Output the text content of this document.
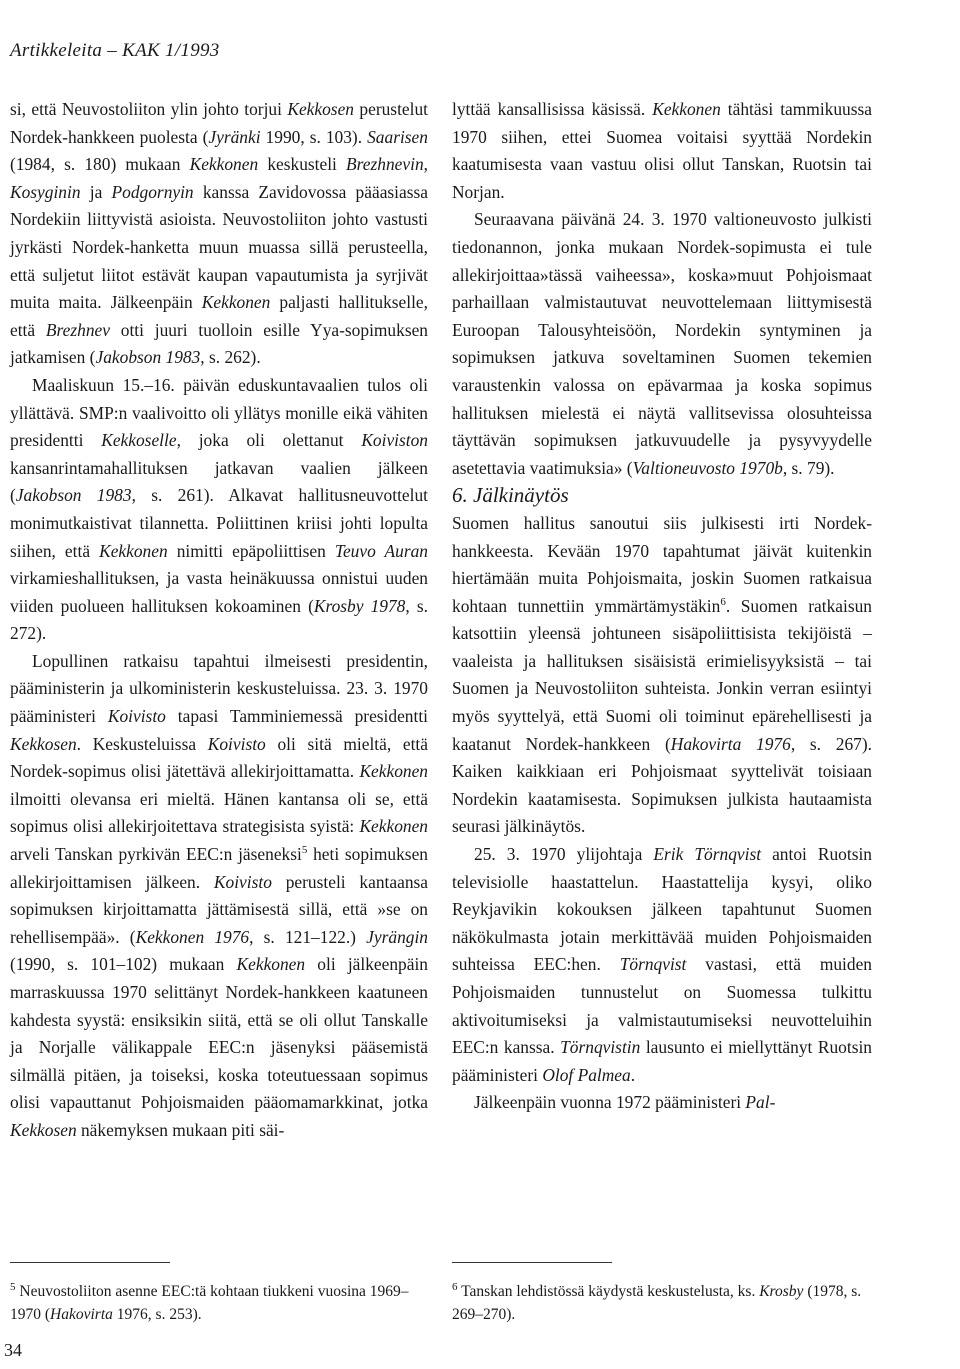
Artikkeleita – KAK 1/1993

si, että Neuvostoliiton ylin johto torjui Kekkosen perustelut Nordek-hankkeen puolesta (Jyränki 1990, s. 103). Saarisen (1984, s. 180) mukaan Kekkonen keskusteli Brezhnevin, Kosyginin ja Podgornyin kanssa Zavidovossa pääasiassa Nordekiin liittyvistä asioista. Neuvostoliiton johto vastusti jyrkästi Nordek-hanketta muun muassa sillä perusteella, että suljetut liitot estävät kaupan vapautumista ja syrjivät muita maita. Jälkeenpäin Kekkonen paljasti hallitukselle, että Brezhnev otti juuri tuolloin esille Yya-sopimuksen jatkamisen (Jakobson 1983, s. 262).

Maaliskuun 15.–16. päivän eduskuntavaalien tulos oli yllättävä. SMP:n vaalivoitto oli yllätys monille eikä vähiten presidentti Kekkoselle, joka oli olettanut Koiviston kansanrintamahallituksen jatkavan vaalien jälkeen (Jakobson 1983, s. 261). Alkavat hallitusneuvottelut monimutkaistivat tilannetta. Poliittinen kriisi johti lopulta siihen, että Kekkonen nimitti epäpoliittisen Teuvo Auran virkamieshallituksen, ja vasta heinäkuussa onnistui uuden viiden puolueen hallituksen kokoaminen (Krosby 1978, s. 272).

Lopullinen ratkaisu tapahtui ilmeisesti presidentin, pääministerin ja ulkoministerin keskusteluissa. 23. 3. 1970 pääministeri Koivisto tapasi Tamminiemessä presidentti Kekkosen. Keskusteluissa Koivisto oli sitä mieltä, että Nordek-sopimus olisi jätettävä allekirjoittamatta. Kekkonen ilmoitti olevansa eri mieltä. Hänen kantansa oli se, että sopimus olisi allekirjoitettava strategisista syistä: Kekkonen arveli Tanskan pyrkivän EEC:n jäseneksi$^5$ heti sopimuksen allekirjoittamisen jälkeen. Koivisto perusteli kantaansa sopimuksen kirjoittamatta jättämisestä sillä, että »se on rehellisempää». (Kekkonen 1976, s. 121–122.) Jyrängin (1990, s. 101–102) mukaan Kekkonen oli jälkeenpäin marraskuussa 1970 selittänyt Nordek-hankkeen kaatuneen kahdesta syystä: ensiksikin siitä, että se oli ollut Tanskalle ja Norjalle välikappale EEC:n jäsenyksi pääsemistä silmällä pitäen, ja toiseksi, koska toteutuessaan sopimus olisi vapauttanut Pohjoismaiden pääomamarkkinat, jotka Kekkosen näkemyksen mukaan piti säi-

lyttää kansallisissa käsissä. Kekkonen tähtäsi tammikuussa 1970 siihen, ettei Suomea voitaisi syyttää Nordekin kaatumisesta vaan vastuu olisi ollut Tanskan, Ruotsin tai Norjan.

Seuraavana päivänä 24. 3. 1970 valtioneuvosto julkisti tiedonannon, jonka mukaan Nordek-sopimusta ei tule allekirjoittaa»tässä vaiheessa», koska»muut Pohjoismaat parhaillaan valmistautuvat neuvottelemaan liittymisestä Euroopan Talousyhteisöön, Nordekin syntyminen ja sopimuksen jatkuva soveltaminen Suomen tekemien varaustenkin valossa on epävarmaa ja koska sopimus hallituksen mielestä ei näytä vallitsevissa olosuhteissa täyttävän sopimuksen jatkuvuudelle ja pysyvyydelle asetettavia vaatimuksia» (Valtioneuvosto 1970b, s. 79).

6. Jälkinäytös

Suomen hallitus sanoutui siis julkisesti irti Nordek-hankkeesta. Kevään 1970 tapahtumat jäivät kuitenkin hiertämään muita Pohjoismaita, joskin Suomen ratkaisua kohtaan tunnettiin ymmärtämystäkin$^6$. Suomen ratkaisun katsottiin yleensä johtuneen sisäpoliittisista tekijöistä – vaaleista ja hallituksen sisäisistä erimielisyyksistä – tai Suomen ja Neuvostoliiton suhteista. Jonkin verran esiintyi myös syyttelyä, että Suomi oli toiminut epärehellisesti ja kaatanut Nordek-hankkeen (Hakovirta 1976, s. 267). Kaiken kaikkiaan eri Pohjoismaat syyttelivät toisiaan Nordekin kaatamisesta. Sopimuksen julkista hautaamista seurasi jälkinäytös.

25. 3. 1970 ylijohtaja Erik Törnqvist antoi Ruotsin televisiolle haastattelun. Haastattelija kysyi, oliko Reykjavikin kokouksen jälkeen tapahtunut Suomen näkökulmasta jotain merkittävää muiden Pohjoismaiden suhteissa EEC:hen. Törnqvist vastasi, että muiden Pohjoismaiden tunnustelut on Suomessa tulkittu aktivoitumiseksi ja valmistautumiseksi neuvotteluihin EEC:n kanssa. Törnqvistin lausunto ei miellyttänyt Ruotsin pääministeri Olof Palmea.

Jälkeenpäin vuonna 1972 pääministeri Pal-

$^5$ Neuvostoliiton asenne EEC:tä kohtaan tiukkeni vuosina 1969–1970 (Hakovirta 1976, s. 253).
$^6$ Tanskan lehdistössä käydystä keskustelusta, ks. Krosby (1978, s. 269–270).
34
